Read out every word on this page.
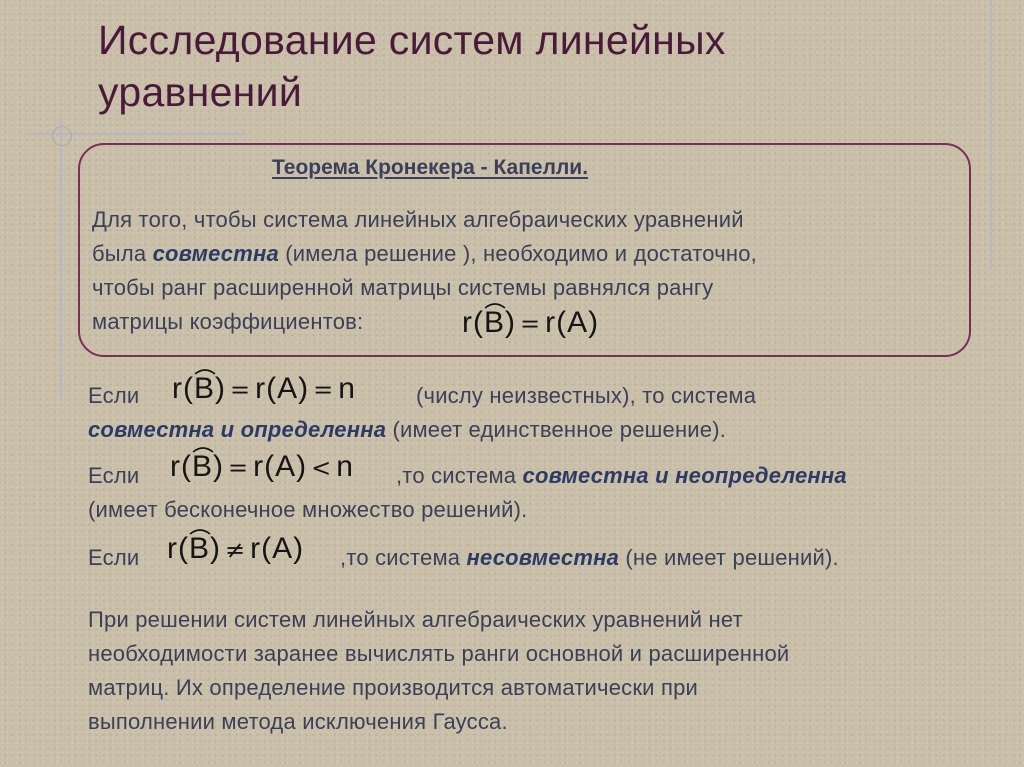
Исследование систем линейных
уравнений
Теорема Кронекера - Капелли.
Для того, чтобы система линейных алгебраических уравнений
была совместна (имела решение ), необходимо и достаточно,
чтобы ранг расширенной матрицы системы равнялся рангу
матрицы коэффициентов:	r(
B) = r(A)
Если r(
B) = r(A) = n	(числу неизвестных), то система
совместна и определенна (имеет единственное решение).
Если r(
B) = r(A) < n ,то система совместна и неопределенна
(имеет бесконечное множество решений).
Если r(
B) ≠ r(A) ,то система несовместна (не имеет решений).
При решении систем линейных алгебраических уравнений нет
необходимости заранее вычислять ранги основной и расширенной
матриц. Их определение производится автоматически при
выполнении метода исключения Гаусса.
